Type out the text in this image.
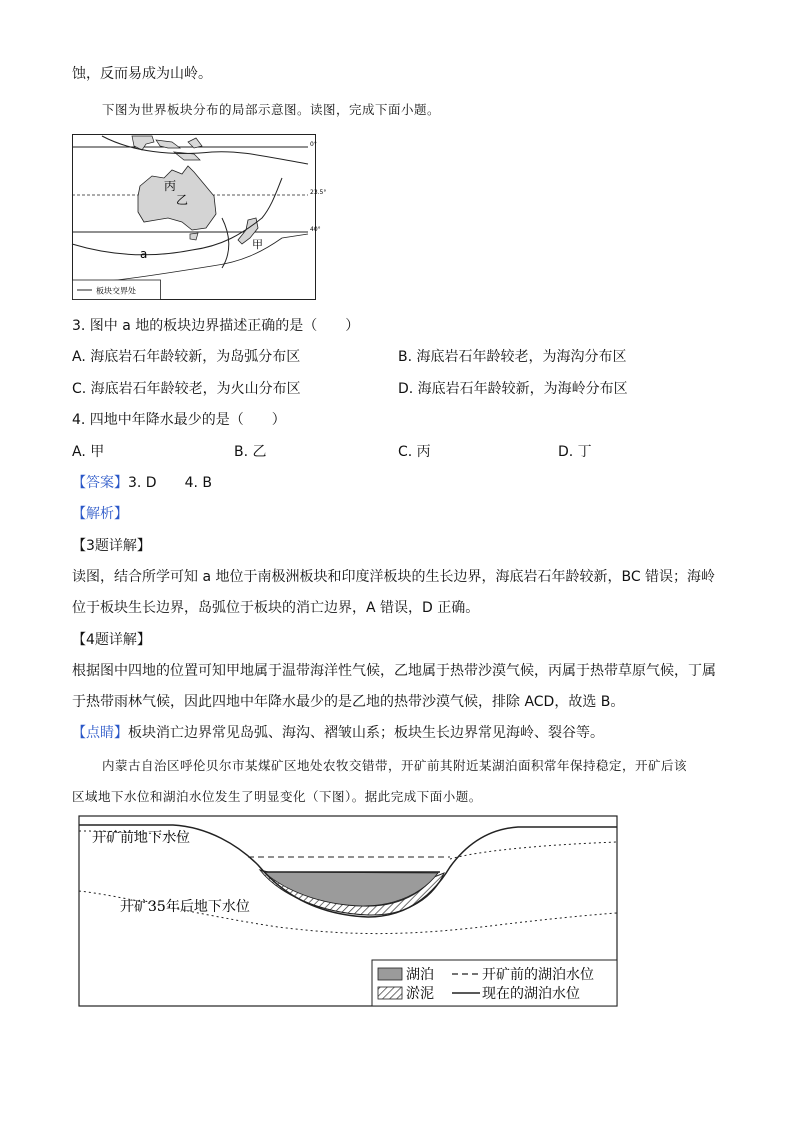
蚀，反而易成为山岭。
下图为世界板块分布的局部示意图。读图，完成下面小题。
0°
23.5°
40°
丙
乙
甲
a
板块交界处
3. 图中 a 地的板块边界描述正确的是（　　）
A. 海底岩石年龄较新，为岛弧分布区	B. 海底岩石年龄较老，为海沟分布区
C. 海底岩石年龄较老，为火山分布区	D. 海底岩石年龄较新，为海岭分布区
4. 四地中年降水最少的是（　　）
A. 甲	B. 乙	C. 丙	D. 丁
【答案】3. D　　4. B
【解析】
【3题详解】
读图，结合所学可知 a 地位于南极洲板块和印度洋板块的生长边界，海底岩石年龄较新，BC 错误；海岭
位于板块生长边界，岛弧位于板块的消亡边界，A 错误，D 正确。
【4题详解】
根据图中四地的位置可知甲地属于温带海洋性气候，乙地属于热带沙漠气候，丙属于热带草原气候，丁属
于热带雨林气候，因此四地中年降水最少的是乙地的热带沙漠气候，排除 ACD，故选 B。
【点睛】板块消亡边界常见岛弧、海沟、褶皱山系；板块生长边界常见海岭、裂谷等。
内蒙古自治区呼伦贝尔市某煤矿区地处农牧交错带，开矿前其附近某湖泊面积常年保持稳定，开矿后该
区域地下水位和湖泊水位发生了明显变化（下图）。据此完成下面小题。
开矿前地下水位
开矿35年后地下水位
湖泊	开矿前的湖泊水位
淤泥	现在的湖泊水位
